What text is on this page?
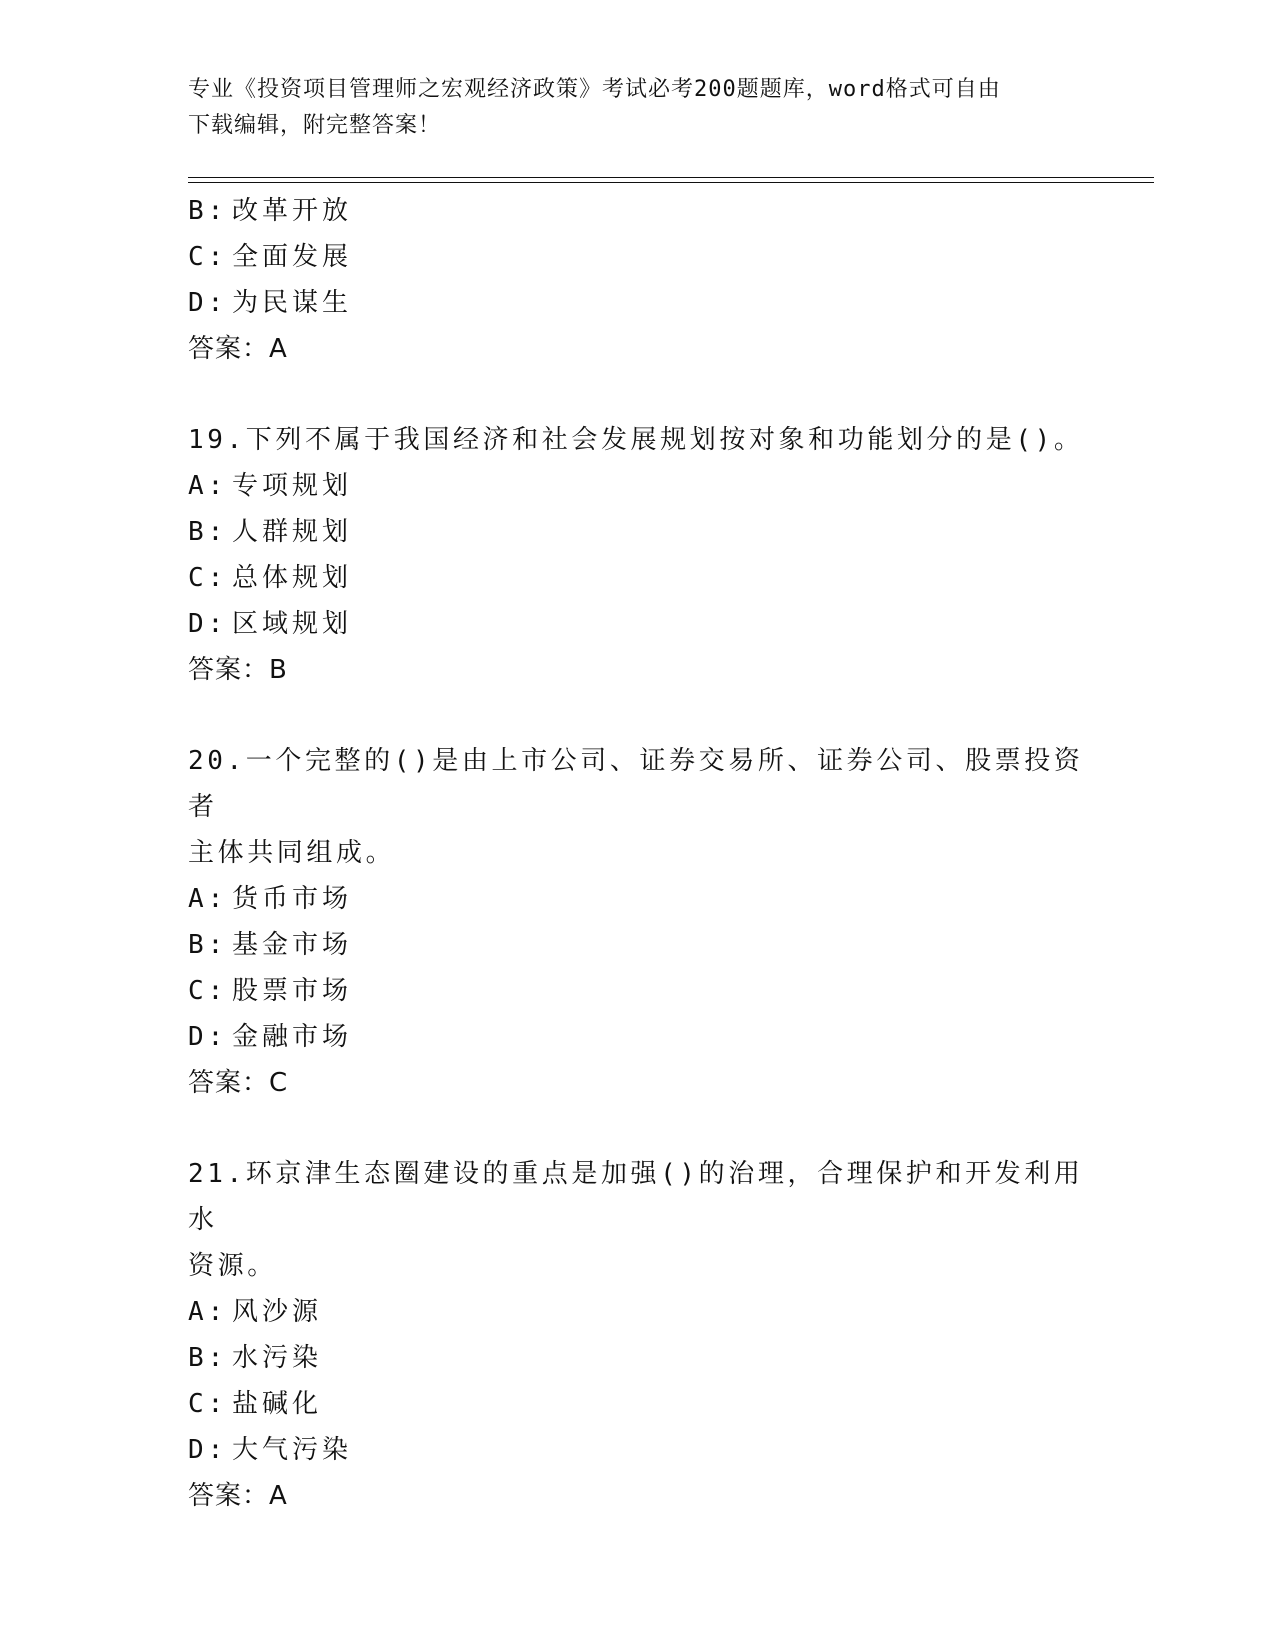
专业《投资项目管理师之宏观经济政策》考试必考200题题库，word格式可自由
下载编辑，附完整答案！
B: 改革开放
C: 全面发展
D: 为民谋生
答案：A
19.下列不属于我国经济和社会发展规划按对象和功能划分的是()。
A: 专项规划
B: 人群规划
C: 总体规划
D: 区域规划
答案：B
20.一个完整的()是由上市公司、证券交易所、证券公司、股票投资者
主体共同组成。
A: 货币市场
B: 基金市场
C: 股票市场
D: 金融市场
答案：C
21.环京津生态圈建设的重点是加强()的治理，合理保护和开发利用水
资源。
A: 风沙源
B: 水污染
C: 盐碱化
D: 大气污染
答案：A
